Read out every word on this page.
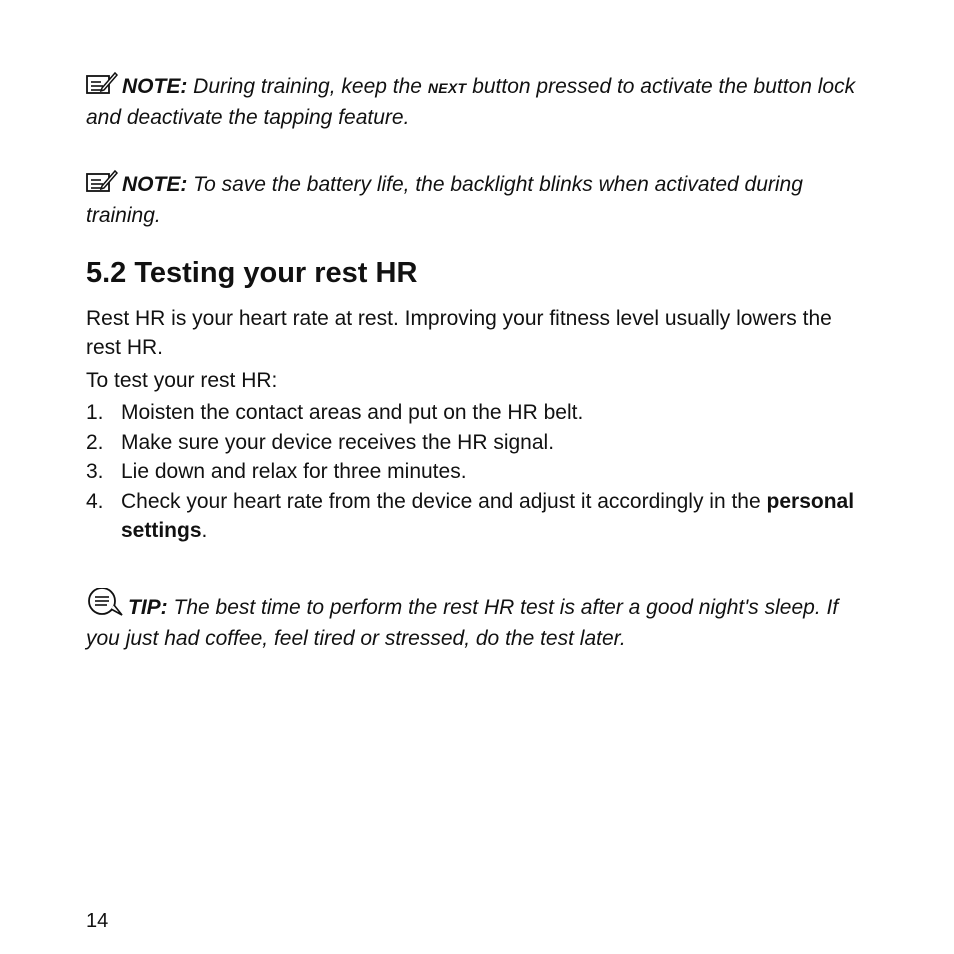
NOTE: During training, keep the NEXT button pressed to activate the button lock and deactivate the tapping feature.
NOTE: To save the battery life, the backlight blinks when activated during training.
5.2 Testing your rest HR

Rest HR is your heart rate at rest. Improving your fitness level usually lowers the rest HR.

To test your rest HR:

1. Moisten the contact areas and put on the HR belt.
2. Make sure your device receives the HR signal.
3. Lie down and relax for three minutes.
4. Check your heart rate from the device and adjust it accordingly in the personal settings.
TIP: The best time to perform the rest HR test is after a good night's sleep. If you just had coffee, feel tired or stressed, do the test later.
14
